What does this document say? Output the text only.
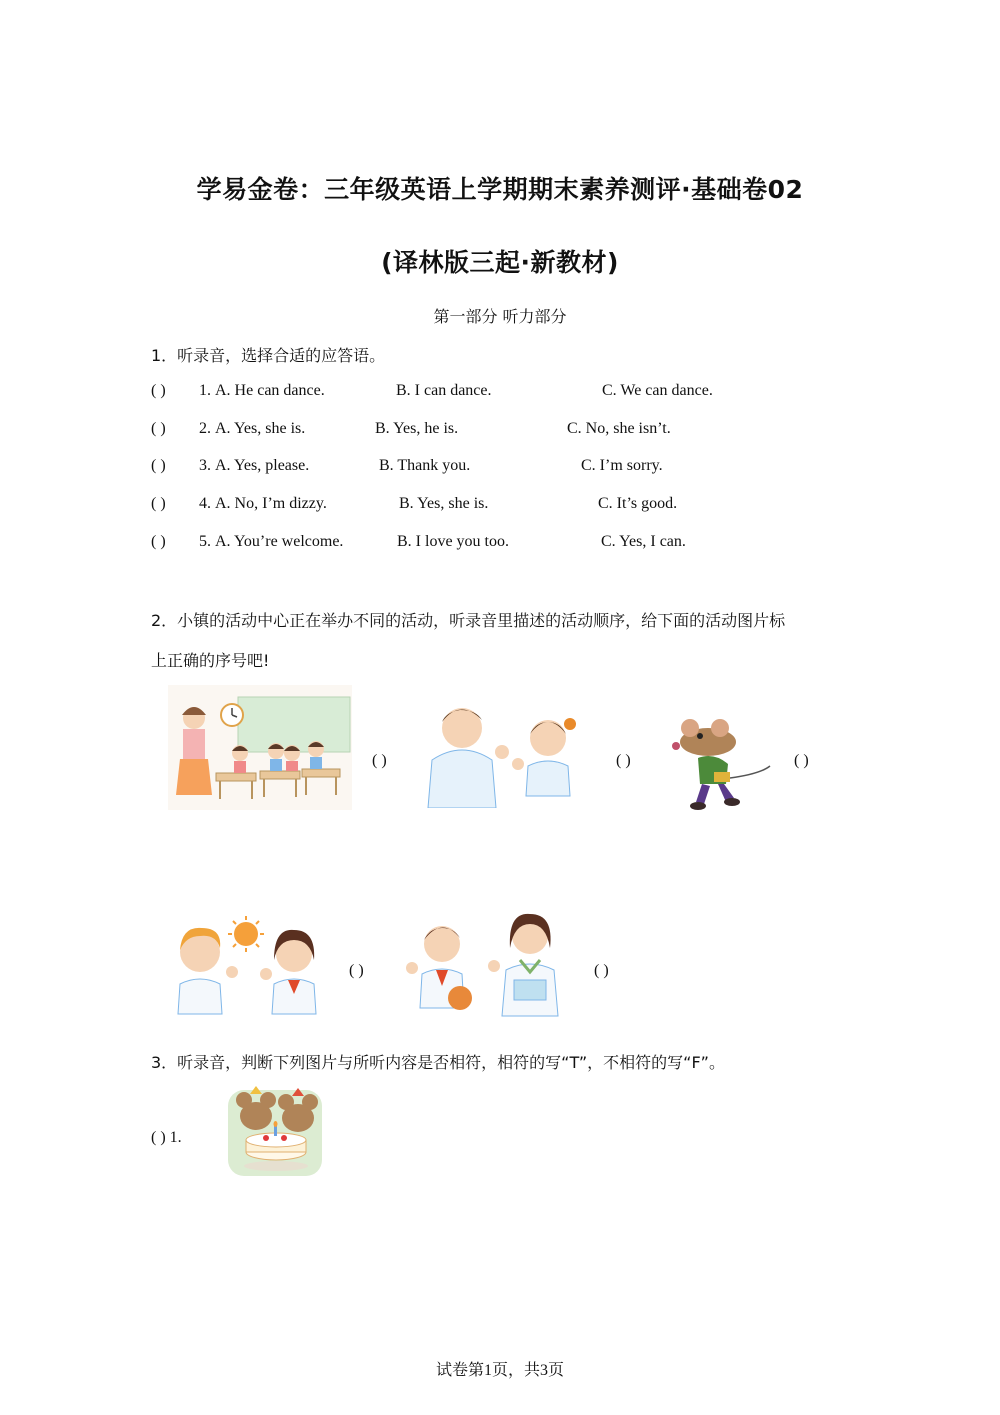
学易金卷：三年级英语上学期期末素养测评·基础卷02
(译林版三起·新教材)
第一部分 听力部分
1．听录音，选择合适的应答语。
( ) 1. A. He can dance.	B. I can dance.	C. We can dance.
( ) 2. A. Yes, she is.	B. Yes, he is.	C. No, she isn’t.
( ) 3. A. Yes, please.	B. Thank you.	C. I’m sorry.
( ) 4. A. No, I’m dizzy.	B. Yes, she is.	C. It’s good.
( ) 5. A. You’re welcome.	B. I love you too.	C. Yes, I can.
2．小镇的活动中心正在举办不同的活动，听录音里描述的活动顺序，给下面的活动图片标
上正确的序号吧!
( )	( )	( )
( )	( )
3．听录音，判断下列图片与所听内容是否相符，相符的写“T”，不相符的写“F”。
( ) 1.
试卷第1页，共3页
